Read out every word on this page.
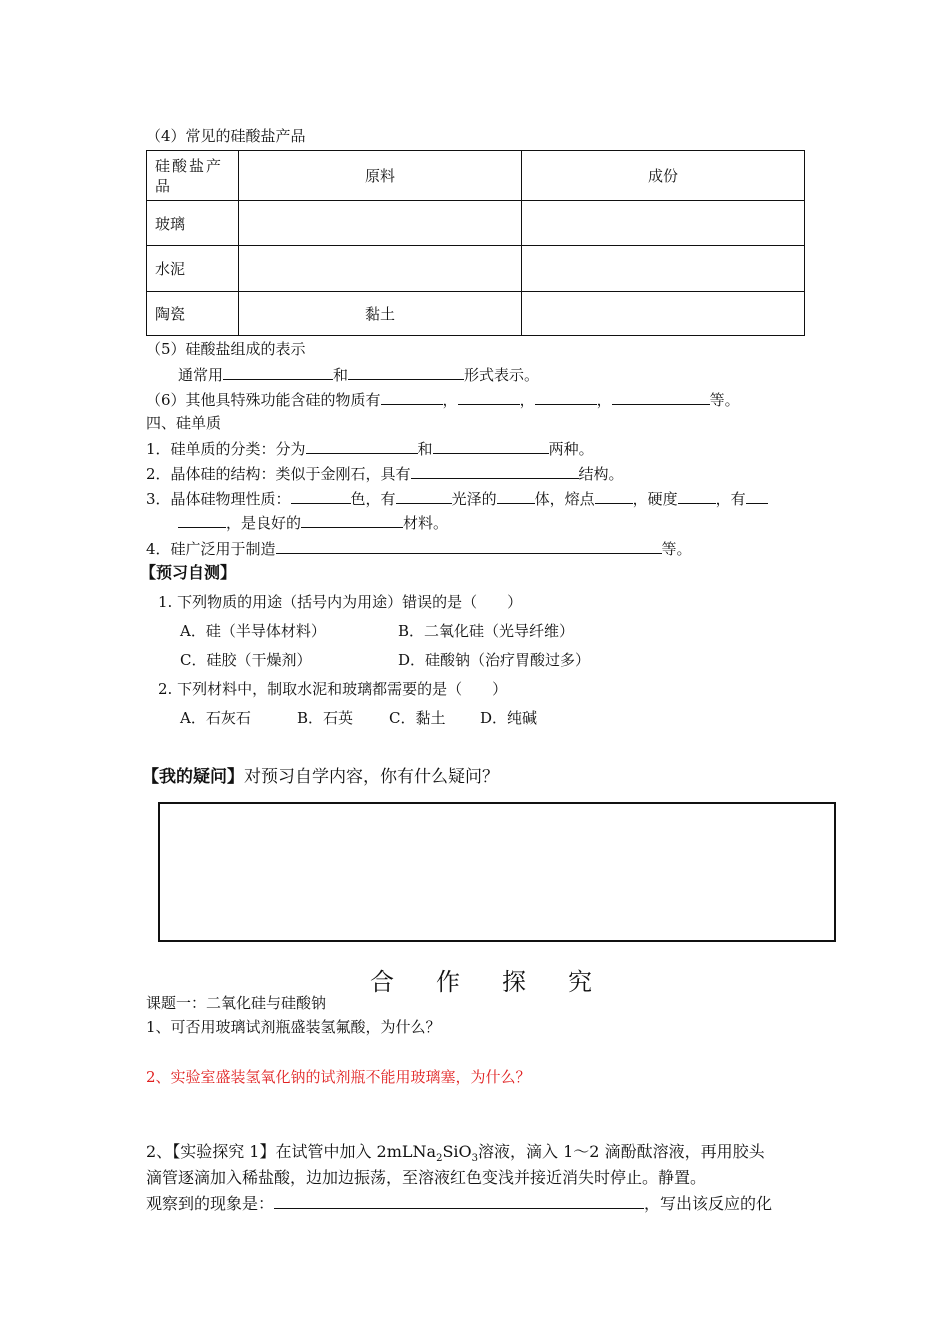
（4）常见的硅酸盐产品
硅酸盐产品	原料	成份
玻璃		
水泥		
陶瓷	黏土	
（5）硅酸盐组成的表示
通常用	和	形式表示。
（6）其他具特殊功能含硅的物质有	，	，	，	等。
四、硅单质
1．硅单质的分类：分为	和	两种。
2．晶体硅的结构：类似于金刚石，具有	结构。
3．晶体硅物理性质：	色，有	光泽的	体，熔点	，硬度	，有
，是良好的	材料。
4．硅广泛用于制造	等。
【预习自测】
1. 下列物质的用途（括号内为用途）错误的是（　　）
A．硅（半导体材料）	B．二氧化硅（光导纤维）
C．硅胶（干燥剂）	D．硅酸钠（治疗胃酸过多）
2. 下列材料中，制取水泥和玻璃都需要的是（　　）
A．石灰石	B．石英 C．黏土 D．纯碱
【我的疑问】对预习自学内容，你有什么疑问？
合作探究
课题一：二氧化硅与硅酸钠
1、可否用玻璃试剂瓶盛装氢氟酸，为什么？
2、实验室盛装氢氧化钠的试剂瓶不能用玻璃塞，为什么？
2、【实验探究 1】在试管中加入 2mLNa$_2$SiO$_3$溶液，滴入 1～2 滴酚酞溶液，再用胶头
滴管逐滴加入稀盐酸，边加边振荡，至溶液红色变浅并接近消失时停止。静置。
观察到的现象是：	，写出该反应的化
